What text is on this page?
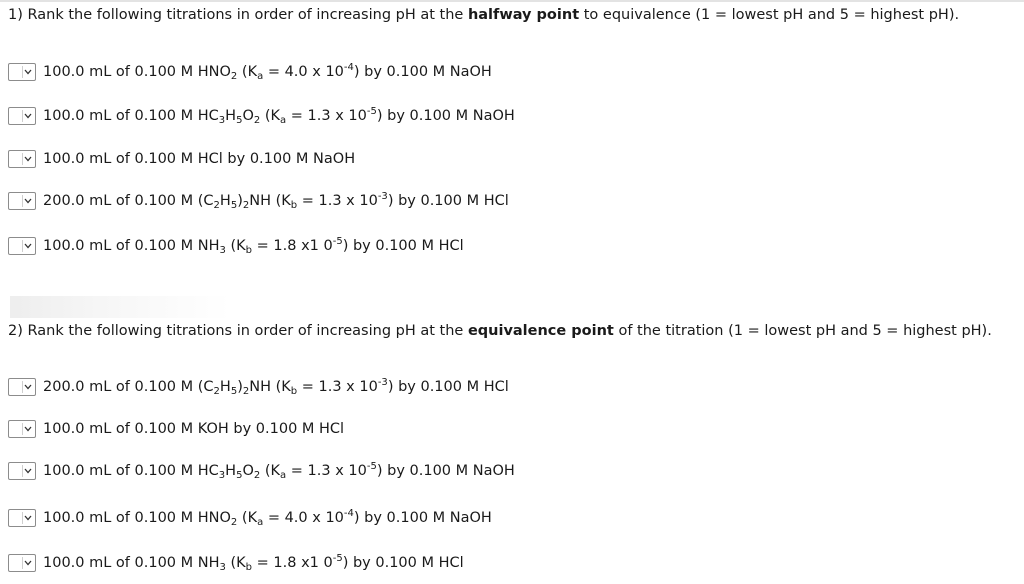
1) Rank the following titrations in order of increasing pH at the halfway point to equivalence (1 = lowest pH and 5 = highest pH).
100.0 mL of 0.100 M $HNO_2$ ($K_a = 4.0$ x $10^{-4}$) by 0.100 M NaOH
100.0 mL of 0.100 M $HC_3H_5O_2$ ($K_a = 1.3$ x $10^{-5}$) by 0.100 M NaOH
100.0 mL of 0.100 M HCl by 0.100 M NaOH
200.0 mL of 0.100 M $(C_2H_5)_2NH$ ($K_b = 1.3$ x $10^{-3}$) by 0.100 M HCl
100.0 mL of 0.100 M $NH_3$ ($K_b = 1.8$ x1 $0^{-5}$) by 0.100 M HCl
2) Rank the following titrations in order of increasing pH at the equivalence point of the titration (1 = lowest pH and 5 = highest pH).
200.0 mL of 0.100 M $(C_2H_5)_2NH$ ($K_b = 1.3$ x $10^{-3}$) by 0.100 M HCl
100.0 mL of 0.100 M KOH by 0.100 M HCl
100.0 mL of 0.100 M $HC_3H_5O_2$ ($K_a = 1.3$ x $10^{-5}$) by 0.100 M NaOH
100.0 mL of 0.100 M $HNO_2$ ($K_a = 4.0$ x $10^{-4}$) by 0.100 M NaOH
100.0 mL of 0.100 M $NH_3$ ($K_b = 1.8$ x1 $0^{-5}$) by 0.100 M HCl
